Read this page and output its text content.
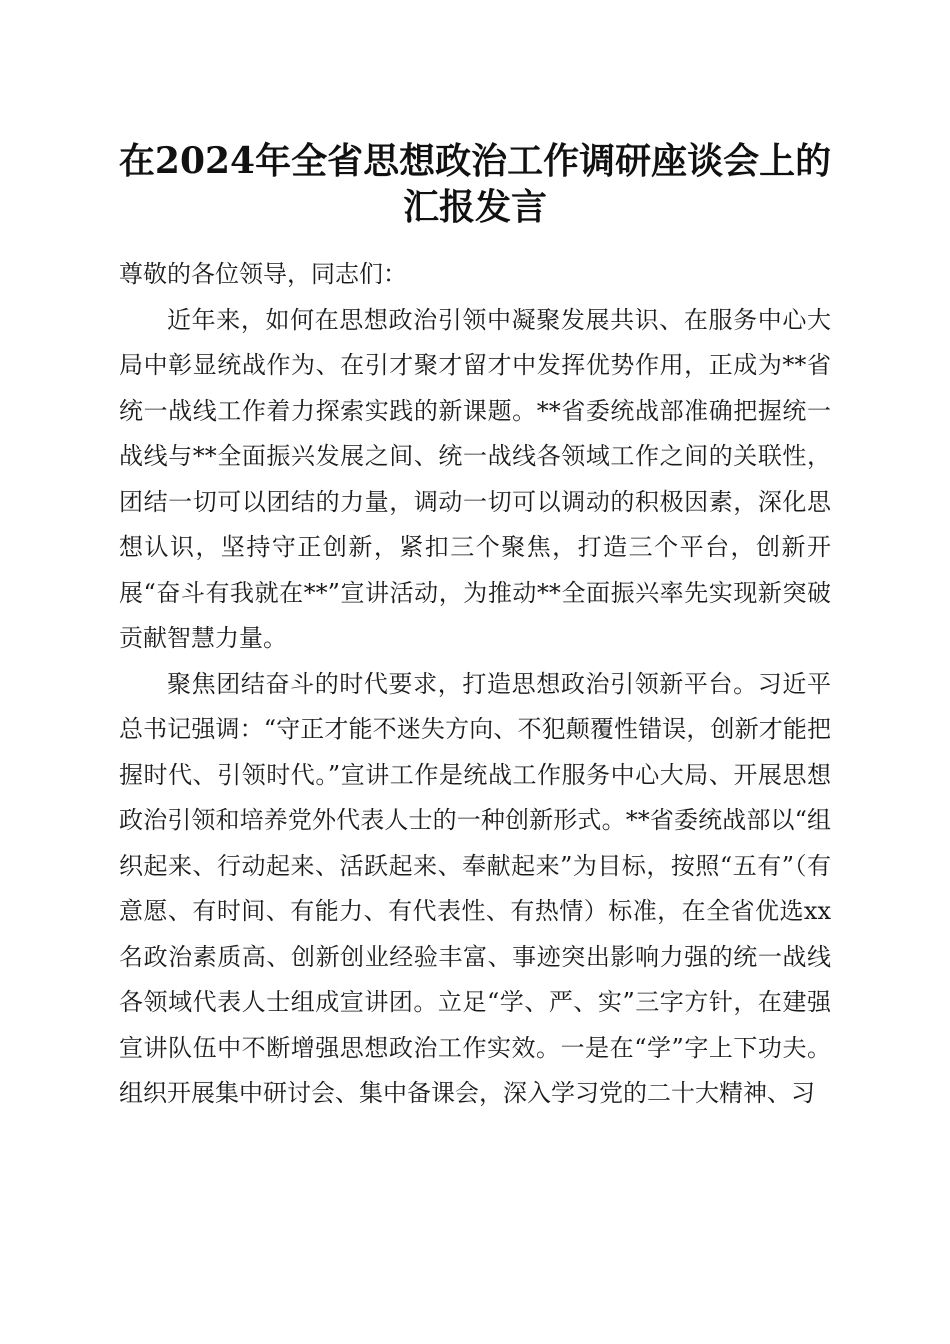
在2024年全省思想政治工作调研座谈会上的
汇报发言

尊敬的各位领导，同志们：

近年来，如何在思想政治引领中凝聚发展共识、在服务中心大局中彰显统战作为、在引才聚才留才中发挥优势作用，正成为**省统一战线工作着力探索实践的新课题。**省委统战部准确把握统一战线与**全面振兴发展之间、统一战线各领域工作之间的关联性，团结一切可以团结的力量，调动一切可以调动的积极因素，深化思想认识，坚持守正创新，紧扣三个聚焦，打造三个平台，创新开展“奋斗有我就在**”宣讲活动，为推动**全面振兴率先实现新突破贡献智慧力量。

聚焦团结奋斗的时代要求，打造思想政治引领新平台。习近平总书记强调：“守正才能不迷失方向、不犯颠覆性错误，创新才能把握时代、引领时代。”宣讲工作是统战工作服务中心大局、开展思想政治引领和培养党外代表人士的一种创新形式。**省委统战部以“组织起来、行动起来、活跃起来、奉献起来”为目标，按照“五有”（有意愿、有时间、有能力、有代表性、有热情）标准，在全省优选xx名政治素质高、创新创业经验丰富、事迹突出影响力强的统一战线各领域代表人士组成宣讲团。立足“学、严、实”三字方针，在建强宣讲队伍中不断增强思想政治工作实效。一是在“学”字上下功夫。组织开展集中研讨会、集中备课会，深入学习党的二十大精神、习
